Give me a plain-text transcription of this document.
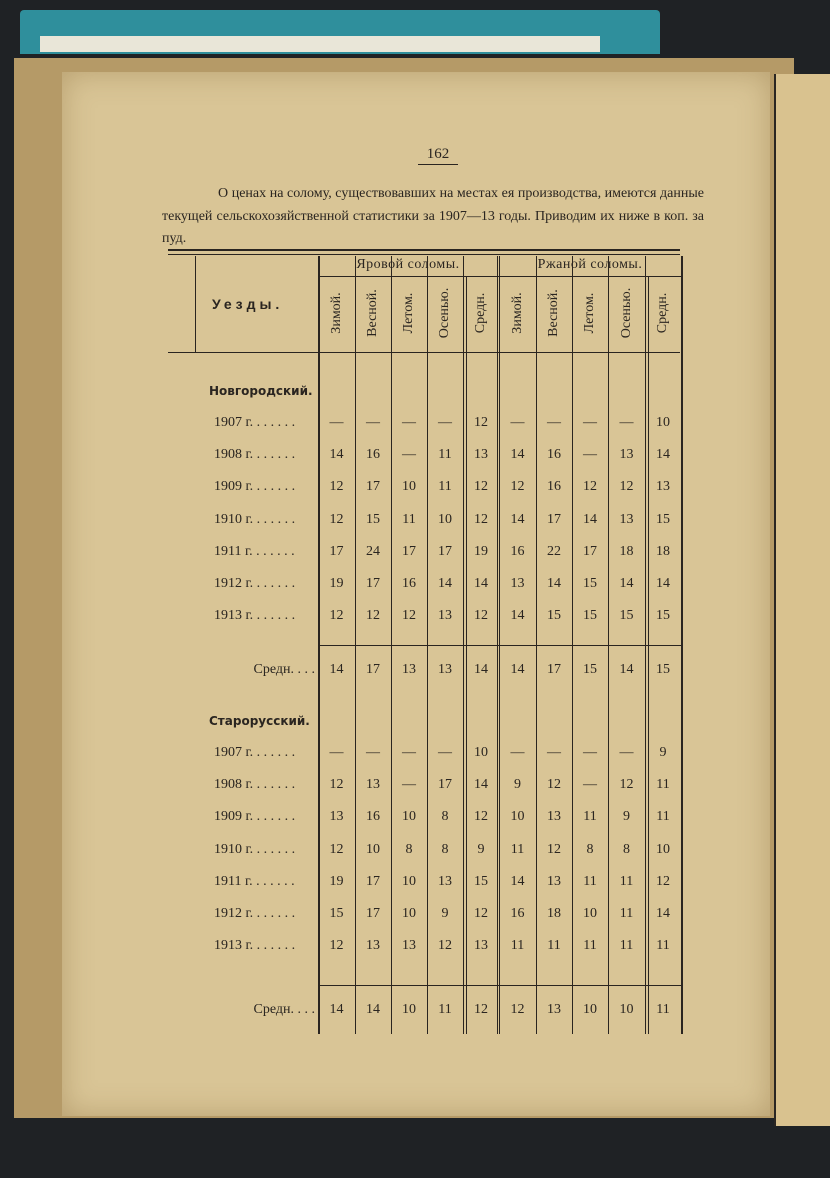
162
О ценах на солому, существовавших на местах ея производства, имеются данные текущей сельскохозяйственной статистики за 1907—13 годы. Приводим их ниже в коп. за пуд.
Яровой соломы.	Ржаной соломы.
Уезды.	Зимой. Весной. Летом. Осенью. Средн. Зимой. Весной. Летом. Осенью. Средн.
Новгородский.
1907 г. . . . . . .	—	—	—	—	12	—	—	—	—	10
1908 г. . . . . . .	14	16	—	11	13	14	16	—	13	14
1909 г. . . . . . .	12	17	10	11	12	12	16	12	12	13
1910 г. . . . . . .	12	15	11	10	12	14	17	14	13	15
1911 г. . . . . . .	17	24	17	17	19	16	22	17	18	18
1912 г. . . . . . .	19	17	16	14	14	13	14	15	14	14
1913 г. . . . . . .	12	12	12	13	12	14	15	15	15	15
Средн. . . .	14	17	13	13	14	14	17	15	14	15
Старорусский.
1907 г. . . . . . .	—	—	—	—	10	—	—	—	—	9
1908 г. . . . . . .	12	13	—	17	14	9	12	—	12	11
1909 г. . . . . . .	13	16	10	8	12	10	13	11	9	11
1910 г. . . . . . .	12	10	8	8	9	11	12	8	8	10
1911 г. . . . . . .	19	17	10	13	15	14	13	11	11	12
1912 г. . . . . . .	15	17	10	9	12	16	18	10	11	14
1913 г. . . . . . .	12	13	13	12	13	11	11	11	11	11
Средн. . . .	14	14	10	11	12	12	13	10	10	11
